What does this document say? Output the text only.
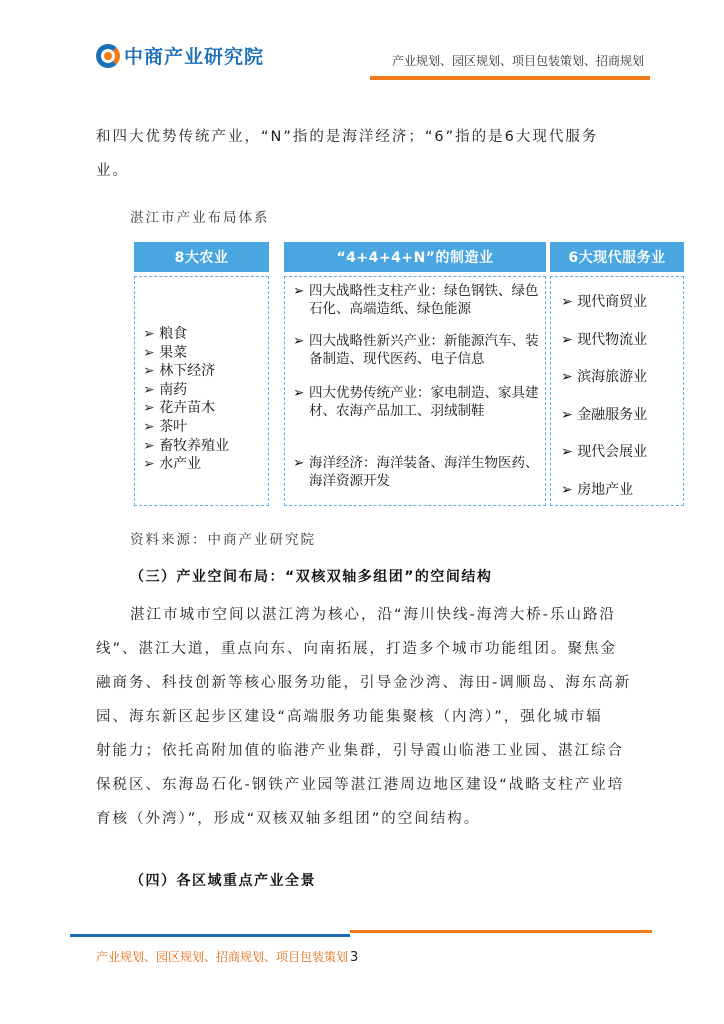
中商产业研究院	产业规划、园区规划、项目包装策划、招商规划
和四大优势传统产业，“N”指的是海洋经济；“6”指的是6大现代服务
业。
湛江市产业布局体系
8大农业
➢ 粮食
➢ 果菜
➢ 林下经济
➢ 南药
➢ 花卉苗木
➢ 茶叶
➢ 畜牧养殖业
➢ 水产业
“4+4+4+N”的制造业
➢ 四大战略性支柱产业：绿色钢铁、绿色石化、高端造纸、绿色能源
➢ 四大战略性新兴产业：新能源汽车、装备制造、现代医药、电子信息
➢ 四大优势传统产业：家电制造、家具建材、农海产品加工、羽绒制鞋
➢ 海洋经济：海洋装备、海洋生物医药、海洋资源开发
6大现代服务业
➢ 现代商贸业
➢ 现代物流业
➢ 滨海旅游业
➢ 金融服务业
➢ 现代会展业
➢ 房地产业
资料来源：中商产业研究院
（三）产业空间布局：“双核双轴多组团”的空间结构
湛江市城市空间以湛江湾为核心，沿“海川快线-海湾大桥-乐山路沿
线”、湛江大道，重点向东、向南拓展，打造多个城市功能组团。聚焦金
融商务、科技创新等核心服务功能，引导金沙湾、海田-调顺岛、海东高新
园、海东新区起步区建设“高端服务功能集聚核（内湾）”，强化城市辐
射能力；依托高附加值的临港产业集群，引导霞山临港工业园、湛江综合
保税区、东海岛石化-钢铁产业园等湛江港周边地区建设“战略支柱产业培
育核（外湾）”，形成“双核双轴多组团”的空间结构。
（四）各区域重点产业全景
产业规划、园区规划、招商规划、项目包装策划 3
